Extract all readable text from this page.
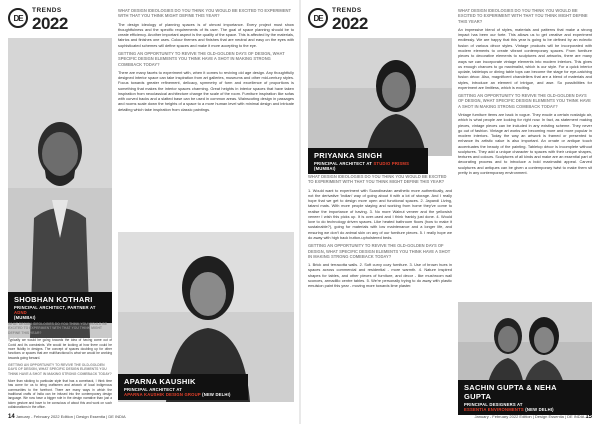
DE
TRENDS
2022
SHOBHAN KOTHARI
PRINCIPAL ARCHITECT, PARTNER AT ADND
(MUMBAI)
WHAT DESIGN IDEOLOGIES DO YOU THINK YOU WOULD BE EXCITED TO EXPERIMENT WITH THAT YOU THINK MIGHT DEFINE THIS YEAR?
The design ideology of planning spaces is of utmost importance. Every project must show thoughtfulness and the specific requirements of its user. The goal of space planning should be to create efficiency. Another important aspect is the quality of the space. This is affected by the materials, fabrics and finishes one uses. Colour themes and finishes that are neutral and easy on the eyes with sophisticated schemes will define spaces and make it more accepting to the eye.
GETTING AN OPPORTUNITY TO REVIVE THE OLD-GOLDEN DAYS OF DESIGN, WHAT SPECIFIC DESIGN ELEMENTS YOU THINK HAVE A SHOT IN MAKING STRONG COMEBACK TODAY?
There are many facets to experiment with, when it comes to reviving old age design. Any thoughtfully designed interior space can take inspiration from art galleries, museums and other mid-century styles. Focus towards greater refinement, delicacy, symmetry of form and excellence of proportions is something that makes the interior spaces charming. Great heights in interior spaces that have taken inspiration from neoclassical architecture change the scale of the room. Furniture inspiration like sofas with curved backs and a slatted base can be used in common areas. Wainscoting design in passages and rooms scale down the heights of a space to a more human level with minimal design and intricate detailing which take inspiration from classic paintings.
APARNA KAUSHIK
PRINCIPAL ARCHITECT AT
APARNA KAUSHIK DESIGN GROUP (NEW DELHI)
14 January - February 2022 Edition | Design Essentia | DE INDIA
DE
TRENDS
2022
PRIYANKA SINGH
PRINCIPAL ARCHITECT AT STUDIO PRISMS
(MUMBAI)
WHAT DESIGN IDEOLOGIES DO YOU THINK YOU WOULD BE EXCITED TO EXPERIMENT WITH THAT YOU THINK MIGHT DEFINE THIS YEAR?
1. Would want to experiment with Scandinavian aesthetic more authentically, and not the derivative 'Indian' way of going about it with a lot of storage. And I really hope that we get to design more open and functional spaces. 2. Japandi Living, tatami mats. With more people staying and working from home they've come to realise the importance of having. 3. No more Walnut veneer and the yellowish veneer I wish this picks up. It is over-used and I think frankly just done. 4. Would love to do technology driven spaces. Like heated bathroom floors (how to make it sustainable?), going for materials with low maintenance and a longer life, and ensuring we don't do animal skin on any of our furniture pieces. 5. I really hope we do away with high back button-upholstered beds.
GETTING AN OPPORTUNITY TO REVIVE THE OLD-GOLDEN DAYS OF DESIGN, WHAT SPECIFIC DESIGN ELEMENTS YOU THINK HAVE A SHOT IN MAKING STRONG COMEBACK TODAY?
1. Brick and terracotta walls. 2. Soft curvy cozy furniture. 3. Use of brown hues in spaces across commercial and residential - more warmth. 4. Nature inspired shapes for tables, and other pieces of furniture, and decor - like mushroom wall sconces, armadillo centre tables. 5. We're personally trying to do away with plastic emulsion paint this year - moving more towards lime plaster.
WHAT DESIGN IDEOLOGIES DO YOU THINK YOU WOULD BE EXCITED TO EXPERIMENT WITH THAT YOU THINK MIGHT DEFINE THIS YEAR?
An impressive blend of styles, materials and patterns that make a strong impact has been our forte. This allows us to get creative and experiment endlessly. We are happy that this year is going to be defined by an eclectic fusion of various décor styles. Vintage products will be incorporated with modern elements to create vibrant contemporary spaces. From furniture pieces to decorative elements to sculptures and artworks, there are many ways we can incorporate vintage elements into modern interiors. This gives us enough chances to go maximalist, which is our style. For a quick interior update, tabletops or dining table tops can become the stage for eye-catching fusion décor. Also, magnificent chandeliers that are a blend of materials and styles, introduce an element of intrigue, and awe. So possibilities for experiment are limitless, which is exciting.
GETTING AN OPPORTUNITY TO REVIVE THE OLD-GOLDEN DAYS OF DESIGN, WHAT SPECIFIC DESIGN ELEMENTS YOU THINK HAVE A SHOT IN MAKING STRONG COMEBACK TODAY?
Vintage furniture items are back in vogue. They exude a certain nostalgic air, which is what people are looking for right now. In fact, as statement making pieces, vintage pieces can be included in any existing scheme. They never go out of fashion. Vintage art works are becoming more and more popular in modern interiors. Today the way an artwork is framed or presented to enhance its artistic value is also important. An ornate or antique touch accentuates the beauty of the painting. Tabletop décor is incomplete without sculptures. They add a unique character to spaces with their unique shapes, textures and colours. Sculptures of all kinds and make are an essential part of decorating process and to introduce a bold maximalist appeal. Carved sculptures and antiques can be given a contemporary twist to make them sit pretty in any contemporary environment.
SACHIN GUPTA & NEHA GUPTA
PRINCIPAL DESIGNERS AT
ESSENTIA ENVIRONMENTS (NEW DELHI)
January - February 2022 Edition | Design Essentia | DE INDIA 15
WHAT DESIGN IDEOLOGIES DO YOU THINK YOU WOULD BE EXCITED TO EXPERIMENT WITH THAT YOU THINK MIGHT DEFINE THIS YEAR?
Typically we would be going towards the idea of having come out of Covid and its constraints. We would be looking at how there could be more fluidity in designs. The concept of spaces doubling up for other functions or spaces that are multifunctional is what we would be working towards going forward.
GETTING AN OPPORTUNITY TO REVIVE THE OLD-GOLDEN DAYS OF DESIGN, WHAT SPECIFIC DESIGN ELEMENTS YOU THINK HAVE A SHOT IN MAKING STRONG COMEBACK TODAY?
More than sticking to particular style that has a comeback, I think time has come for us to bring craftsmen and artwork of local indigenous communities to the forefront. There are many ways in which the traditional crafts of India can be infused into the contemporary design language. We now have a bigger role in the design narrative than just a token gesture and have to be conscious of about this and work on such collaborations in the office.
